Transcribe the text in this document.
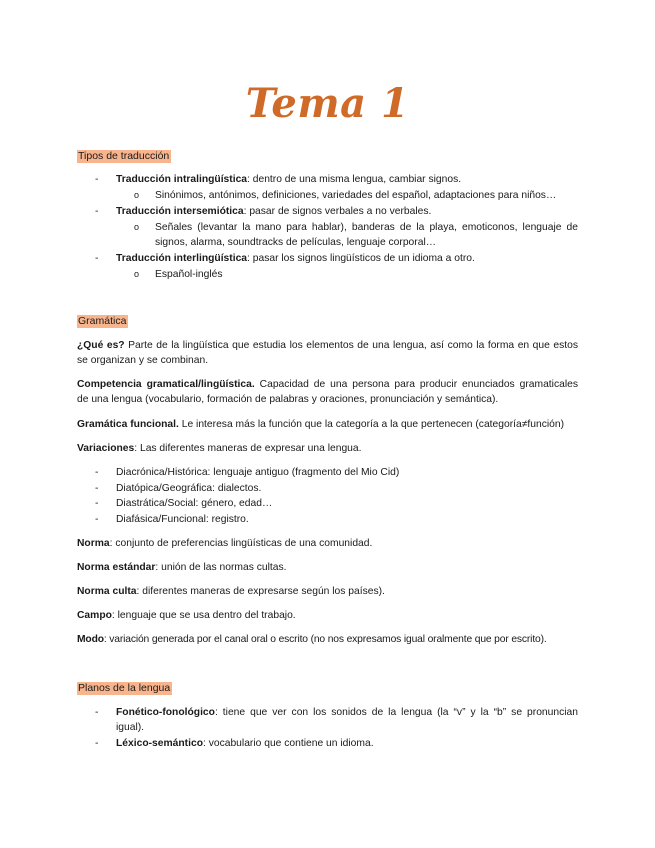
Tema 1
Tipos de traducción
- Traducción intralingüística: dentro de una misma lengua, cambiar signos.
o Sinónimos, antónimos, definiciones, variedades del español, adaptaciones para niños…
- Traducción intersemiótica: pasar de signos verbales a no verbales.
o Señales (levantar la mano para hablar), banderas de la playa, emoticonos, lenguaje de
signos, alarma, soundtracks de películas, lenguaje corporal…
- Traducción interlingüística: pasar los signos lingüísticos de un idioma a otro.
o Español-inglés
Gramática
¿Qué es? Parte de la lingüística que estudia los elementos de una lengua, así como la forma en que estos
se organizan y se combinan.
Competencia gramatical/lingüística. Capacidad de una persona para producir enunciados gramaticales
de una lengua (vocabulario, formación de palabras y oraciones, pronunciación y semántica).
Gramática funcional. Le interesa más la función que la categoría a la que pertenecen (categoría≠función)
Variaciones: Las diferentes maneras de expresar una lengua.
- Diacrónica/Histórica: lenguaje antiguo (fragmento del Mio Cid)
- Diatópica/Geográfica: dialectos.
- Diastrática/Social: género, edad…
- Diafásica/Funcional: registro.
Norma: conjunto de preferencias lingüísticas de una comunidad.
Norma estándar: unión de las normas cultas.
Norma culta: diferentes maneras de expresarse según los países).
Campo: lenguaje que se usa dentro del trabajo.
Modo: variación generada por el canal oral o escrito (no nos expresamos igual oralmente que por escrito).
Planos de la lengua
- Fonético-fonológico: tiene que ver con los sonidos de la lengua (la “v” y la “b” se pronuncian
igual).
- Léxico-semántico: vocabulario que contiene un idioma.
